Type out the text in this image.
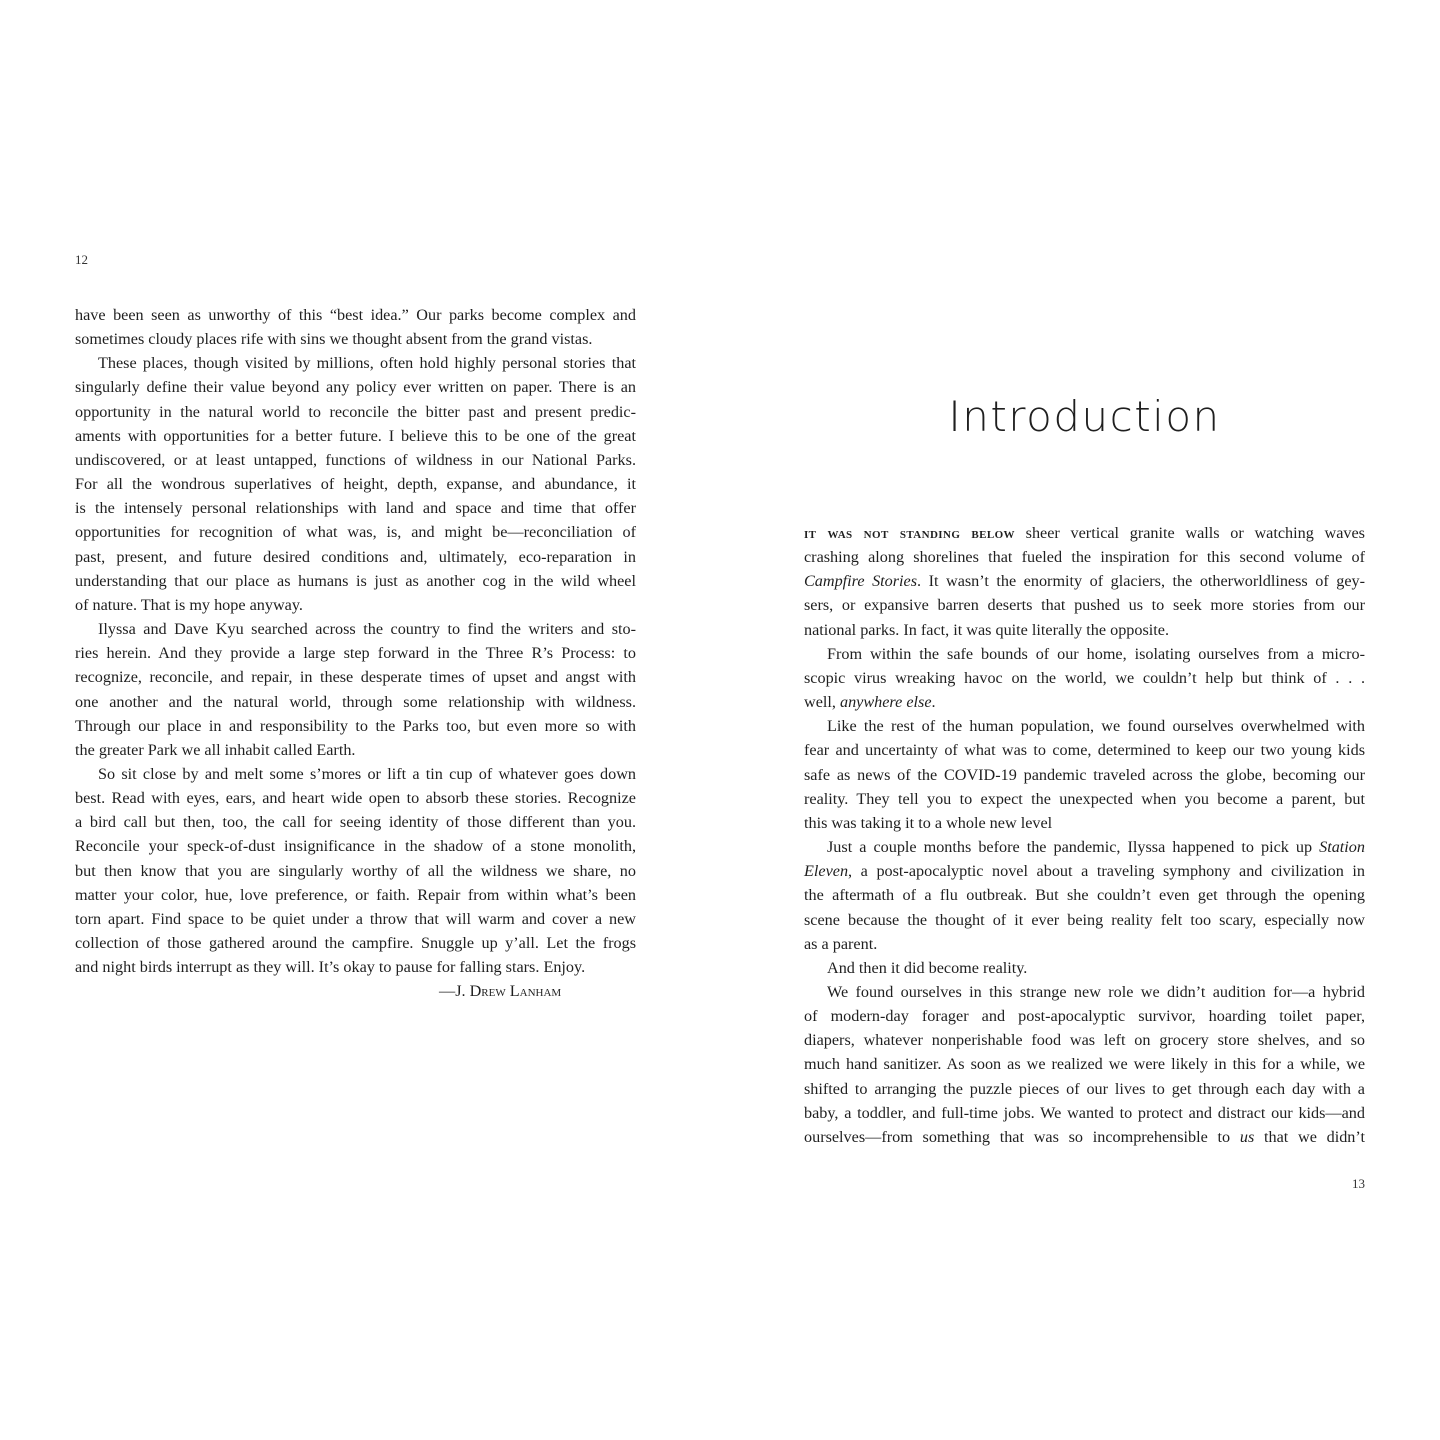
12
have been seen as unworthy of this “best idea.” Our parks become complex and
sometimes cloudy places rife with sins we thought absent from the grand vistas.
These places, though visited by millions, often hold highly personal stories that
singularly define their value beyond any policy ever written on paper. There is an
opportunity in the natural world to reconcile the bitter past and present predic-
aments with opportunities for a better future. I believe this to be one of the great
undiscovered, or at least untapped, functions of wildness in our National Parks.
For all the wondrous superlatives of height, depth, expanse, and abundance, it
is the intensely personal relationships with land and space and time that offer
opportunities for recognition of what was, is, and might be—reconciliation of
past, present, and future desired conditions and, ultimately, eco-reparation in
understanding that our place as humans is just as another cog in the wild wheel
of nature. That is my hope anyway.
Ilyssa and Dave Kyu searched across the country to find the writers and sto-
ries herein. And they provide a large step forward in the Three R’s Process: to
recognize, reconcile, and repair, in these desperate times of upset and angst with
one another and the natural world, through some relationship with wildness.
Through our place in and responsibility to the Parks too, but even more so with
the greater Park we all inhabit called Earth.
So sit close by and melt some s’mores or lift a tin cup of whatever goes down
best. Read with eyes, ears, and heart wide open to absorb these stories. Recognize
a bird call but then, too, the call for seeing identity of those different than you.
Reconcile your speck-of-dust insignificance in the shadow of a stone monolith,
but then know that you are singularly worthy of all the wildness we share, no
matter your color, hue, love preference, or faith. Repair from within what’s been
torn apart. Find space to be quiet under a throw that will warm and cover a new
collection of those gathered around the campfire. Snuggle up y’all. Let the frogs
and night birds interrupt as they will. It’s okay to pause for falling stars. Enjoy.
—J. Drew Lanham
Introduction
it was not standing below sheer vertical granite walls or watching waves
crashing along shorelines that fueled the inspiration for this second volume of
Campfire Stories. It wasn’t the enormity of glaciers, the otherworldliness of gey-
sers, or expansive barren deserts that pushed us to seek more stories from our
national parks. In fact, it was quite literally the opposite.
From within the safe bounds of our home, isolating ourselves from a micro-
scopic virus wreaking havoc on the world, we couldn’t help but think of . . .
well, anywhere else.
Like the rest of the human population, we found ourselves overwhelmed with
fear and uncertainty of what was to come, determined to keep our two young kids
safe as news of the COVID-19 pandemic traveled across the globe, becoming our
reality. They tell you to expect the unexpected when you become a parent, but
this was taking it to a whole new level
Just a couple months before the pandemic, Ilyssa happened to pick up Station
Eleven, a post-apocalyptic novel about a traveling symphony and civilization in
the aftermath of a flu outbreak. But she couldn’t even get through the opening
scene because the thought of it ever being reality felt too scary, especially now
as a parent.
And then it did become reality.
We found ourselves in this strange new role we didn’t audition for—a hybrid
of modern-day forager and post-apocalyptic survivor, hoarding toilet paper,
diapers, whatever nonperishable food was left on grocery store shelves, and so
much hand sanitizer. As soon as we realized we were likely in this for a while, we
shifted to arranging the puzzle pieces of our lives to get through each day with a
baby, a toddler, and full-time jobs. We wanted to protect and distract our kids—and
ourselves—from something that was so incomprehensible to us that we didn’t
13
